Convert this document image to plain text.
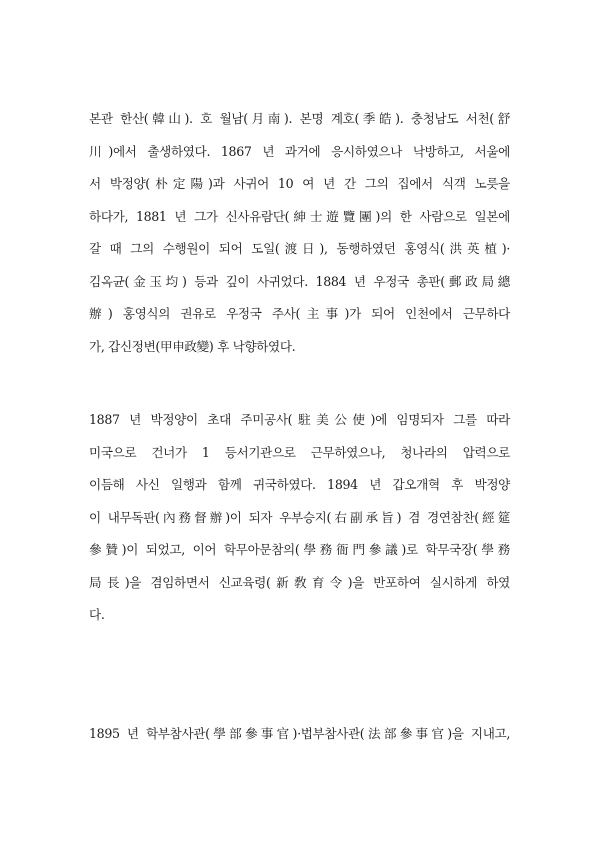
본관 한산(韓山). 호 월남(月南). 본명 계호(季皓). 충청남도 서천(舒
川)에서 출생하였다. 1867 년 과거에 응시하였으나 낙방하고, 서울에
서 박정양(朴定陽)과 사귀어 10 여 년 간 그의 집에서 식객 노릇을
하다가, 1881 년 그가 신사유람단(紳士遊覽團)의 한 사람으로 일본에
갈 때 그의 수행원이 되어 도일(渡日), 동행하였던 홍영식(洪英植)·
김옥균(金玉均) 등과 깊이 사귀었다. 1884 년 우정국 총판(郵政局總
辦) 홍영식의 권유로 우정국 주사(主事)가 되어 인천에서 근무하다
가, 갑신정변(甲申政變) 후 낙향하였다.
1887 년 박정양이 초대 주미공사(駐美公使)에 임명되자 그를 따라
미국으로 건너가 1 등서기관으로 근무하였으나, 청나라의 압력으로
이듬해 사신 일행과 함께 귀국하였다. 1894 년 갑오개혁 후 박정양
이 내무독판(內務督辦)이 되자 우부승지(右副承旨) 겸 경연참찬(經筵
參贊)이 되었고, 이어 학무아문참의(學務衙門參議)로 학무국장(學務
局長)을 겸임하면서 신교육령(新敎育令)을 반포하여 실시하게 하였
다.
1895 년 학부참사관(學部參事官)·법부참사관(法部參事官)을 지내고,
